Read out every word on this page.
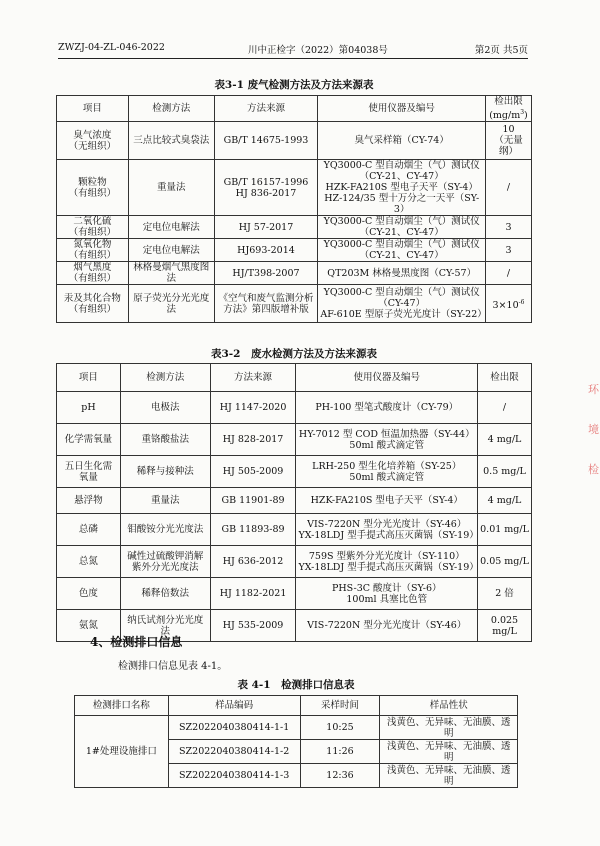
ZWZJ-04-ZL-046-2022	川中正检字（2022）第04038号	第2页 共5页
表3-1 废气检测方法及方法来源表
项目	检测方法	方法来源	使用仪器及编号	检出限
$(mg/m^3)$
臭气浓度
（无组织）	三点比较式臭袋法	GB/T 14675-1993	臭气采样箱（CY-74）	10
（无量纲）
颗粒物
（有组织）	重量法	GB/T 16157-1996
HJ 836-2017	YQ3000-C 型自动烟尘（气）测试仪
（CY-21、CY-47）
HZK-FA210S 型电子天平（SY-4）
HZ-124/35 型十万分之一天平（SY-3）	/
二氧化硫
（有组织）	定电位电解法	HJ 57-2017	YQ3000-C 型自动烟尘（气）测试仪
（CY-21、CY-47）	3
氮氧化物
（有组织）	定电位电解法	HJ693-2014	YQ3000-C 型自动烟尘（气）测试仪
（CY-21、CY-47）	3
烟气黑度
（有组织）	林格曼烟气黑度图法	HJ/T398-2007	QT203M 林格曼黑度图（CY-57）	/
汞及其化合物
（有组织）	原子荧光分光光度法	《空气和废气监测分析方法》第四版增补版	YQ3000-C 型自动烟尘（气）测试仪
（CY-47）
AF-610E 型原子荧光光度计（SY-22）	$3\times 10^{-6}$
表3-2　废水检测方法及方法来源表
项目	检测方法	方法来源	使用仪器及编号	检出限
pH	电极法	HJ 1147-2020	PH-100 型笔式酸度计（CY-79）	/
化学需氧量	重铬酸盐法	HJ 828-2017	HY-7012 型 COD 恒温加热器（SY-44）
50ml 酸式滴定管	4 mg/L
五日生化需
氧量	稀释与接种法	HJ 505-2009	LRH-250 型生化培养箱（SY-25）
50ml 酸式滴定管	0.5 mg/L
悬浮物	重量法	GB 11901-89	HZK-FA210S 型电子天平（SY-4）	4 mg/L
总磷	钼酸铵分光光度法	GB 11893-89	VIS-7220N 型分光光度计（SY-46）
YX-18LDJ 型手提式高压灭菌锅（SY-19）	0.01 mg/L
总氮	碱性过硫酸钾消解紫外分光光度法	HJ 636-2012	759S 型紫外分光光度计（SY-110）
YX-18LDJ 型手提式高压灭菌锅（SY-19）	0.05 mg/L
色度	稀释倍数法	HJ 1182-2021	PHS-3C 酸度计（SY-6）
100ml 具塞比色管	2 倍
氨氮	纳氏试剂分光光度法	HJ 535-2009	VIS-7220N 型分光光度计（SY-46）	0.025 mg/L
4、检测排口信息
检测排口信息见表 4-1。
表 4-1　检测排口信息表
检测排口名称	样品编码	采样时间	样品性状
1#处理设施排口	SZ2022040380414-1-1	10:25	浅黄色、无异味、无油膜、透明
	SZ2022040380414-1-2	11:26	浅黄色、无异味、无油膜、透明
	SZ2022040380414-1-3	12:36	浅黄色、无异味、无油膜、透明
环
境
检
